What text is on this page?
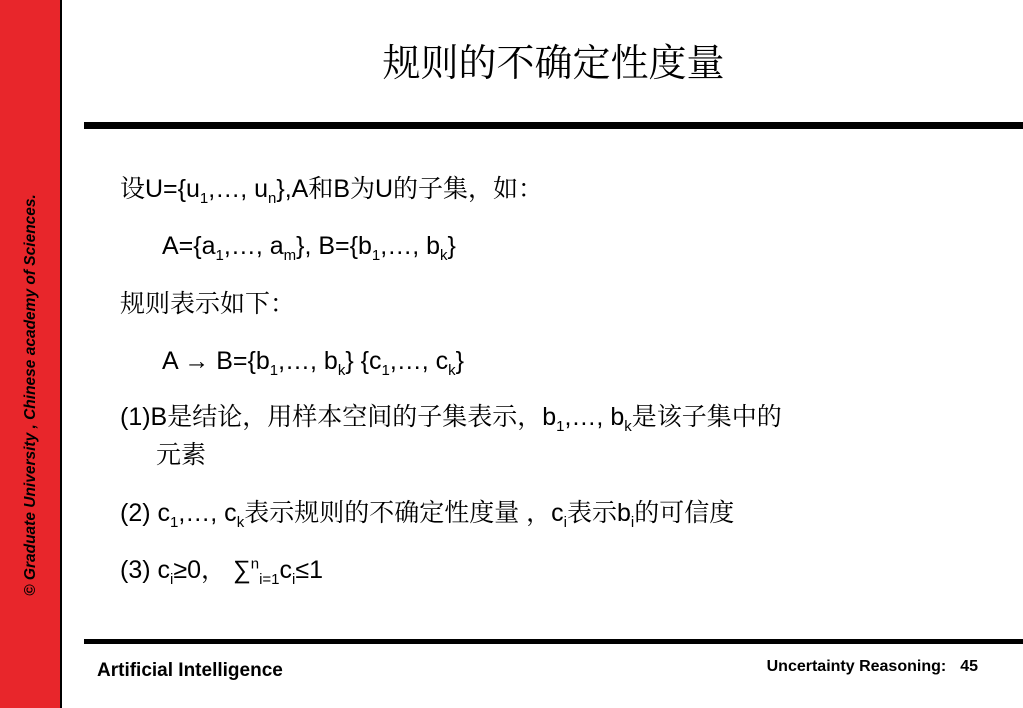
© Graduate University , Chinese academy of Sciences.
规则的不确定性度量
设$U=\{u_1,\dots$, $u_n\},A$和B为U的子集，如：
$A=\{a_1,\dots$, $a_m$}, $B=\{b_1,\dots$, $b_k$}
规则表示如下：
$A \to B=\{b_1,\dots$, $b_k$} {$c_1,\dots$, $c_k$}
(1)B是结论，用样本空间的子集表示，$b_1,\dots$, $b_k$是该子集中的
元素
(2) $c_1,\dots$, $c_k$表示规则的不确定性度量 ，$c_i$表示$b_i$的可信度
(3) $c_i\ge 0$， $\sum^n_{i=1}c_i\le 1$
Artificial Intelligence	Uncertainty Reasoning: 45
